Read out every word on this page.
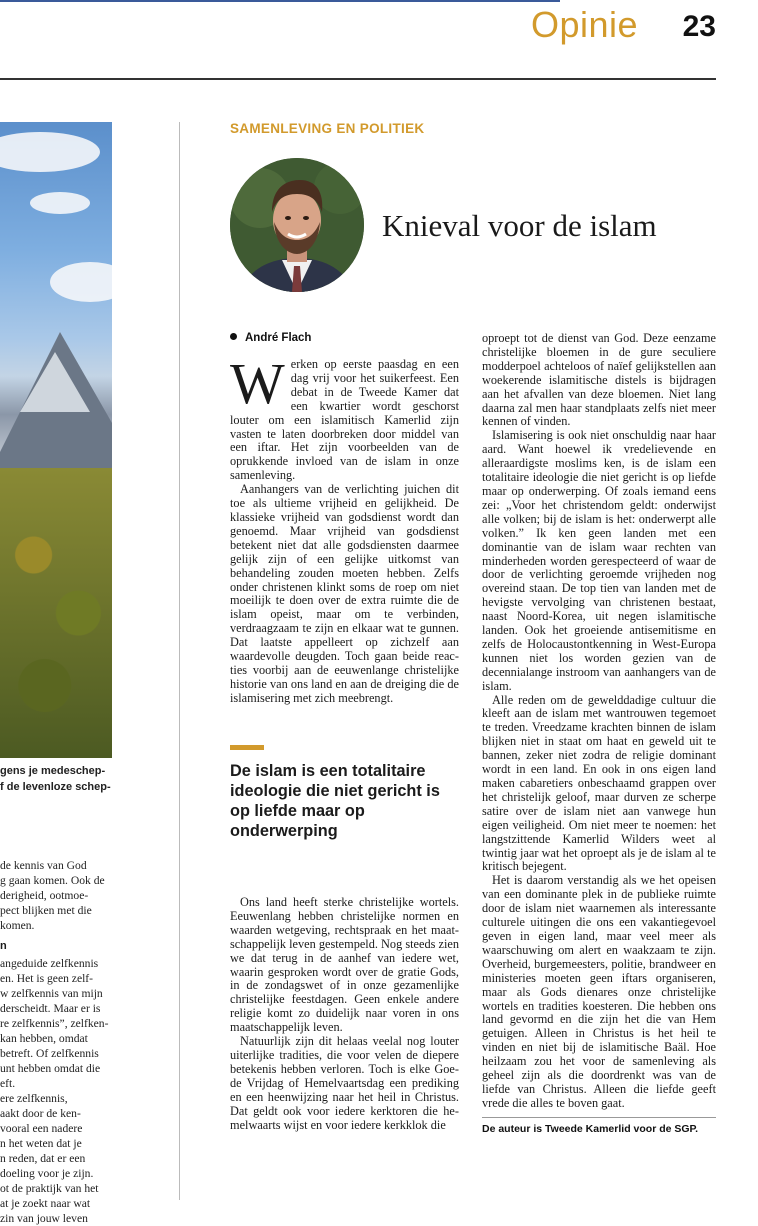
Opinie 23
gens je medeschep-
f de levenloze schep-
de kennis van God
g gaan komen. Ook de
derigheid, ootmoe-
pect blijken met die
komen.
n
angeduide zelfkennis
en. Het is geen zelf-
w zelfkennis van mijn
derscheidt. Maar er is
re zelfkennis”, zelfken-
kan hebben, omdat
betreft. Of zelfkennis
unt hebben omdat die
eft.
ere zelfkennis,
aakt door de ken-
vooral een nadere
n het weten dat je
n reden, dat er een
doeling voor je zijn.
ot de praktijk van het
at je zoekt naar wat
zin van jouw leven
SAMENLEVING EN POLITIEK
Knieval voor de islam
André Flach

Werken op eerste paasdag en een dag vrij voor het suikerfeest. Een debat in de Tweede Kamer dat een kwartier wordt geschorst louter om een islamitisch Kamerlid zijn vasten te laten doorbreken door middel van een iftar. Het zijn voorbeelden van de oprukkende invloed van de islam in onze samenleving.

Aanhangers van de verlichting juichen dit toe als ultieme vrijheid en gelijkheid. De klassieke vrijheid van godsdienst wordt dan genoemd. Maar vrijheid van godsdienst betekent niet dat alle godsdiensten daarmee gelijk zijn of een gelijke uitkomst van behandeling zouden moeten hebben. Zelfs onder christenen klinkt soms de roep om niet moeilijk te doen over de extra ruimte die de islam opeist, maar om te verbinden, verdraagzaam te zijn en elkaar wat te gunnen. Dat laatste appelleert op zichzelf aan waardevolle deugden. Toch gaan beide reacties voorbij aan de eeuwenlange christelijke historie van ons land en aan de dreiging die de islamisering met zich meebrengt.

De islam is een totalitaire ideologie die niet gericht is op liefde maar op onderwerping

Ons land heeft sterke christelijke wortels. Eeuwenlang hebben christelijke normen en waarden wetgeving, rechtspraak en het maatschappelijk leven gestempeld. Nog steeds zien we dat terug in de aanhef van iedere wet, waarin gesproken wordt over de gratie Gods, in de zondagswet of in onze gezamenlijke christelijke feestdagen. Geen enkele andere religie komt zo duidelijk naar voren in ons maatschappelijk leven.

Natuurlijk zijn dit helaas veelal nog louter uiterlijke tradities, die voor velen de diepere betekenis hebben verloren. Toch is elke Goede Vrijdag of Hemelvaartsdag een prediking en een heenwijzing naar het heil in Christus. Dat geldt ook voor iedere kerktoren die hemelwaarts wijst en voor iedere kerkklok die

oproept tot de dienst van God. Deze eenzame christelijke bloemen in de gure seculiere modderpoel achteloos of naïef gelijkstellen aan woekerende islamitische distels is bijdragen aan het afvallen van deze bloemen. Niet lang daarna zal men haar standplaats zelfs niet meer kennen of vinden.

Islamisering is ook niet onschuldig naar haar aard. Want hoewel ik vredelievende en alleraardigste moslims ken, is de islam een totalitaire ideologie die niet gericht is op liefde maar op onderwerping. Of zoals iemand eens zei: „Voor het christendom geldt: onderwijst alle volken; bij de islam is het: onderwerpt alle volken.” Ik ken geen landen met een dominantie van de islam waar rechten van minderheden worden gerespecteerd of waar de door de verlichting geroemde vrijheden nog overeind staan. De top tien van landen met de hevigste vervolging van christenen bestaat, naast Noord-Korea, uit negen islamitische landen. Ook het groeiende antisemitisme en zelfs de Holocaustontkenning in West-Europa kunnen niet los worden gezien van de decennialange instroom van aanhangers van de islam.

Alle reden om de gewelddadige cultuur die kleeft aan de islam met wantrouwen tegemoet te treden. Vreedzame krachten binnen de islam blijken niet in staat om haat en geweld uit te bannen, zeker niet zodra de religie dominant wordt in een land. En ook in ons eigen land maken cabaretiers onbeschaamd grappen over het christelijk geloof, maar durven ze scherpe satire over de islam niet aan vanwege hun eigen veiligheid. Om niet meer te noemen: het langstzittende Kamerlid Wilders weet al twintig jaar wat het oproept als je de islam al te kritisch bejegent.

Het is daarom verstandig als we het opeisen van een dominante plek in de publieke ruimte door de islam niet waarnemen als interessante culturele uitingen die ons een vakantiegevoel geven in eigen land, maar veel meer als waarschuwing om alert en waakzaam te zijn. Overheid, burgemeesters, politie, brandweer en ministeries moeten geen iftars organiseren, maar als Gods dienares onze christelijke wortels en tradities koesteren. Die hebben ons land gevormd en die zijn het die van Hem getuigen. Alleen in Christus is het heil te vinden en niet bij de islamitische Baäl. Hoe heilzaam zou het voor de samenleving als geheel zijn als die doordrenkt was van de liefde van Christus. Alleen die liefde geeft vrede die alles te boven gaat.

De auteur is Tweede Kamerlid voor de SGP.
